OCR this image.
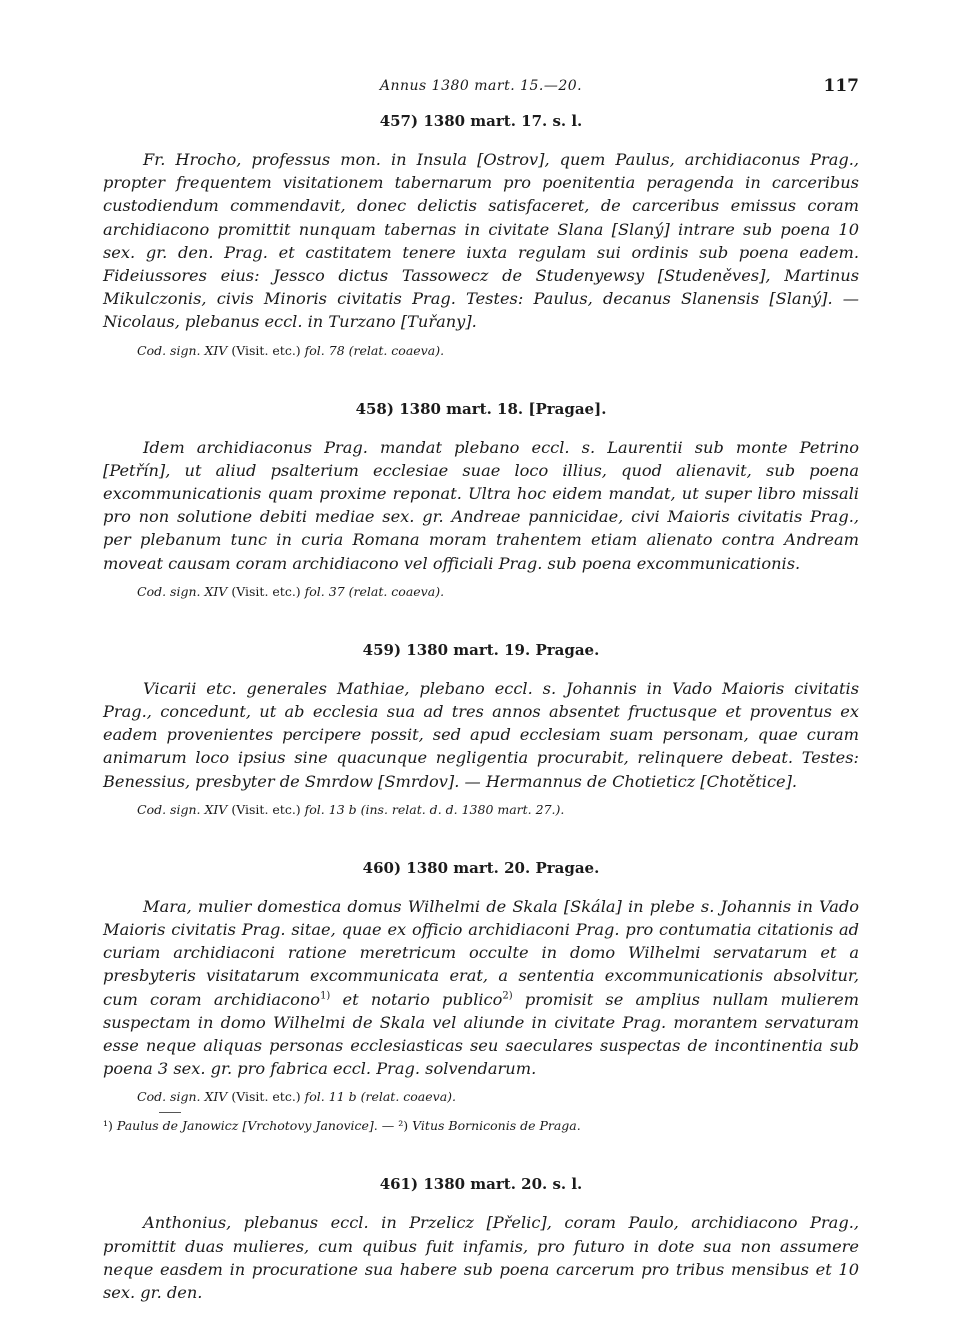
Annus 1380 mart. 15.—20.	117
457) 1380 mart. 17. s. l.

Fr. Hrocho, professus mon. in Insula [Ostrov], quem Paulus, archidiaconus Prag., propter frequentem visitationem tabernarum pro poenitentia peragenda in carceribus custodiendum commendavit, donec delictis satisfaceret, de carceribus emissus coram archidiacono promittit nunquam tabernas in civitate Slana [Slaný] intrare sub poena 10 sex. gr. den. Prag. et castitatem tenere iuxta regulam sui ordinis sub poena eadem. Fideiussores eius: Jessco dictus Tassowecz de Studenyewsy [Studeněves], Martinus Mikulczonis, civis Minoris civitatis Prag. Testes: Paulus, decanus Slanensis [Slaný]. — Nicolaus, plebanus eccl. in Turzano [Tuřany].

Cod. sign. XIV (Visit. etc.) fol. 78 (relat. coaeva).
458) 1380 mart. 18. [Pragae].

Idem archidiaconus Prag. mandat plebano eccl. s. Laurentii sub monte Petrino [Petřín], ut aliud psalterium ecclesiae suae loco illius, quod alienavit, sub poena excommunicationis quam proxime reponat. Ultra hoc eidem mandat, ut super libro missali pro non solutione debiti mediae sex. gr. Andreae pannicidae, civi Maioris civitatis Prag., per plebanum tunc in curia Romana moram trahentem etiam alienato contra Andream moveat causam coram archidiacono vel officiali Prag. sub poena excommunicationis.

Cod. sign. XIV (Visit. etc.) fol. 37 (relat. coaeva).
459) 1380 mart. 19. Pragae.

Vicarii etc. generales Mathiae, plebano eccl. s. Johannis in Vado Maioris civitatis Prag., concedunt, ut ab ecclesia sua ad tres annos absentet fructusque et proventus ex eadem provenientes percipere possit, sed apud ecclesiam suam personam, quae curam animarum loco ipsius sine quacunque negligentia procurabit, relinquere debeat. Testes: Benessius, presbyter de Smrdow [Smrdov]. — Hermannus de Chotieticz [Chotětice].

Cod. sign. XIV (Visit. etc.) fol. 13 b (ins. relat. d. d. 1380 mart. 27.).
460) 1380 mart. 20. Pragae.

Mara, mulier domestica domus Wilhelmi de Skala [Skála] in plebe s. Johannis in Vado Maioris civitatis Prag. sitae, quae ex officio archidiaconi Prag. pro contumatia citationis ad curiam archidiaconi ratione meretricum occulte in domo Wilhelmi servatarum et a presbyteris visitatarum excommunicata erat, a sententia excommunicationis absolvitur, cum coram archidiacono$^{1)}$ et notario publico$^{2)}$ promisit se amplius nullam mulierem suspectam in domo Wilhelmi de Skala vel aliunde in civitate Prag. morantem servaturam esse neque aliquas personas ecclesiasticas seu saeculares suspectas de incontinentia sub poena 3 sex. gr. pro fabrica eccl. Prag. solvendarum.

Cod. sign. XIV (Visit. etc.) fol. 11 b (relat. coaeva).
¹) Paulus de Janowicz [Vrchotovy Janovice]. — ²) Vitus Borniconis de Praga.
461) 1380 mart. 20. s. l.

Anthonius, plebanus eccl. in Przelicz [Přelic], coram Paulo, archidiacono Prag., promittit duas mulieres, cum quibus fuit infamis, pro futuro in dote sua non assumere neque easdem in procuratione sua habere sub poena carcerum pro tribus mensibus et 10 sex. gr. den.
